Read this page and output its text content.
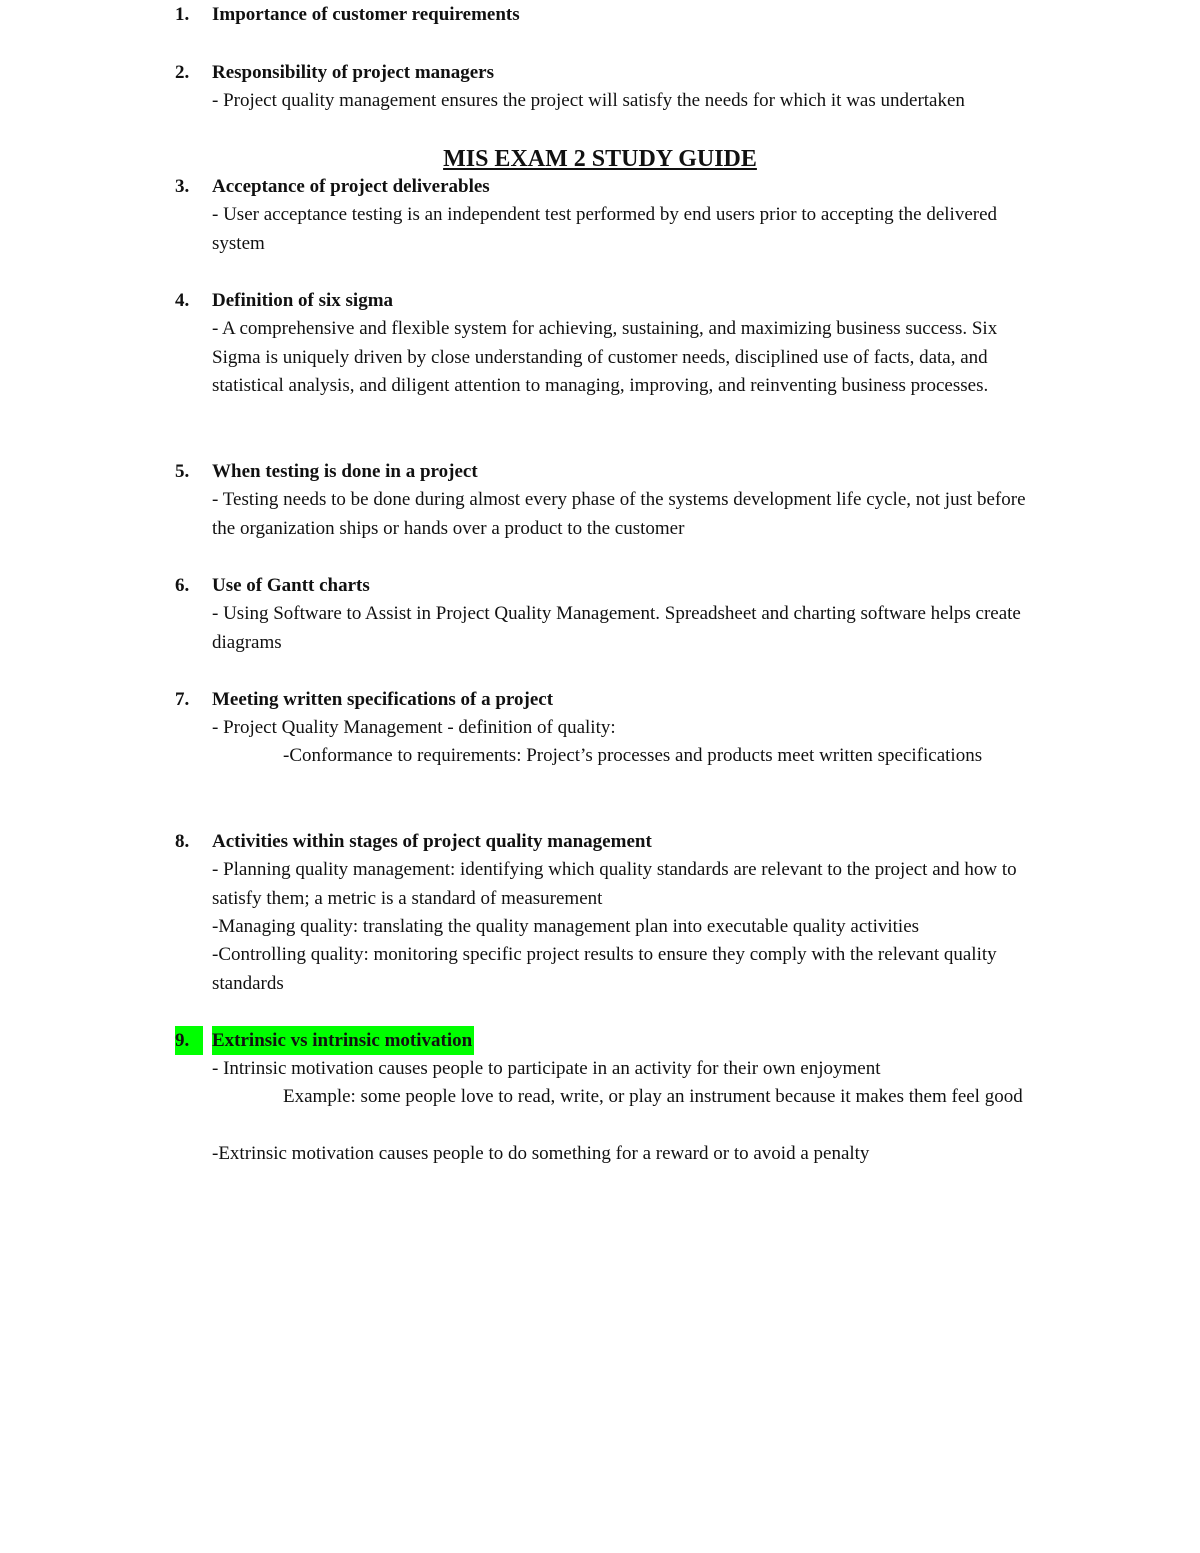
MIS EXAM 2 STUDY GUIDE
1. Importance of customer requirements
2. Responsibility of project managers
- Project quality management ensures the project will satisfy the needs for which it was undertaken
3. Acceptance of project deliverables
- User acceptance testing is an independent test performed by end users prior to accepting the delivered system
4. Definition of six sigma
- A comprehensive and flexible system for achieving, sustaining, and maximizing business success. Six Sigma is uniquely driven by close understanding of customer needs, disciplined use of facts, data, and statistical analysis, and diligent attention to managing, improving, and reinventing business processes.
5. When testing is done in a project
- Testing needs to be done during almost every phase of the systems development life cycle, not just before the organization ships or hands over a product to the customer
6. Use of Gantt charts
- Using Software to Assist in Project Quality Management. Spreadsheet and charting software helps create diagrams
7. Meeting written specifications of a project
- Project Quality Management - definition of quality:
-Conformance to requirements: Project’s processes and products meet written specifications
8. Activities within stages of project quality management
- Planning quality management: identifying which quality standards are relevant to the project and how to satisfy them; a metric is a standard of measurement
-Managing quality: translating the quality management plan into executable quality activities
-Controlling quality: monitoring specific project results to ensure they comply with the relevant quality standards
9.	Extrinsic vs intrinsic motivation
- Intrinsic motivation causes people to participate in an activity for their own enjoyment
Example: some people love to read, write, or play an instrument because it makes them feel good
-Extrinsic motivation causes people to do something for a reward or to avoid a penalty
